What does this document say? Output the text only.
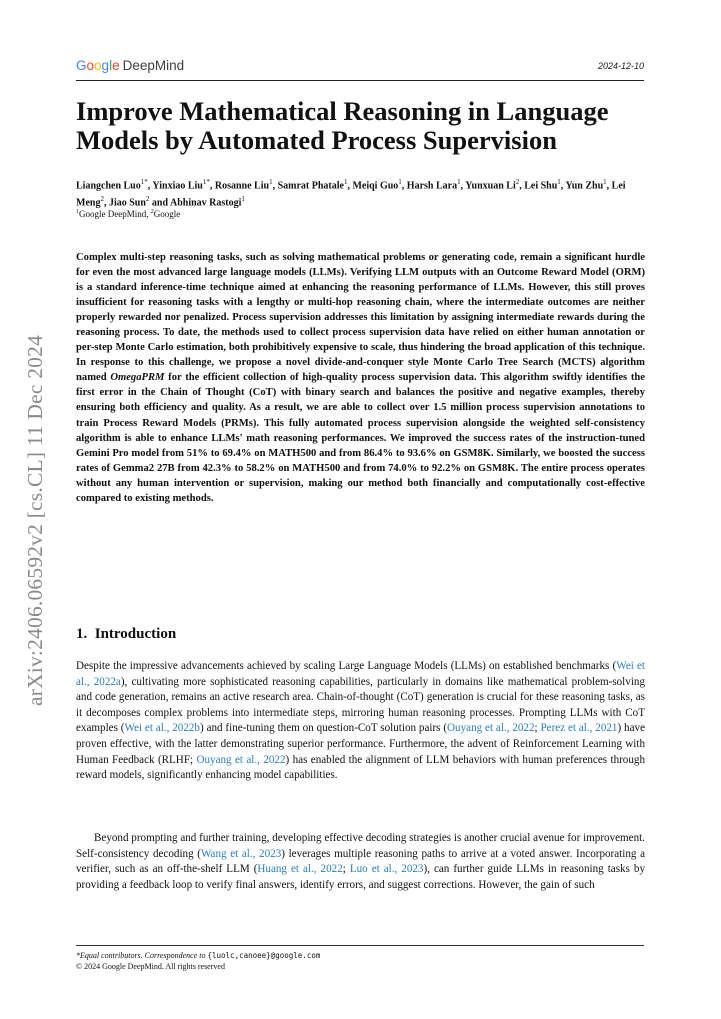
arXiv:2406.06592v2 [cs.CL] 11 Dec 2024
Google DeepMind	2024-12-10
Improve Mathematical Reasoning in Language Models by Automated Process Supervision

Liangchen Luo$^{1*}$, Yinxiao Liu$^{1*}$, Rosanne Liu$^1$, Samrat Phatale$^1$, Meiqi Guo$^1$, Harsh Lara$^1$, Yunxuan Li$^2$, Lei Shu$^1$, Yun Zhu$^1$, Lei Meng$^2$, Jiao Sun$^2$ and Abhinav Rastogi$^1$

$^1$Google DeepMind, $^2$Google

Complex multi-step reasoning tasks, such as solving mathematical problems or generating code, remain a significant hurdle for even the most advanced large language models (LLMs). Verifying LLM outputs with an Outcome Reward Model (ORM) is a standard inference-time technique aimed at enhancing the reasoning performance of LLMs. However, this still proves insufficient for reasoning tasks with a lengthy or multi-hop reasoning chain, where the intermediate outcomes are neither properly rewarded nor penalized. Process supervision addresses this limitation by assigning intermediate rewards during the reasoning process. To date, the methods used to collect process supervision data have relied on either human annotation or per-step Monte Carlo estimation, both prohibitively expensive to scale, thus hindering the broad application of this technique. In response to this challenge, we propose a novel divide-and-conquer style Monte Carlo Tree Search (MCTS) algorithm named OmegaPRM for the efficient collection of high-quality process supervision data. This algorithm swiftly identifies the first error in the Chain of Thought (CoT) with binary search and balances the positive and negative examples, thereby ensuring both efficiency and quality. As a result, we are able to collect over 1.5 million process supervision annotations to train Process Reward Models (PRMs). This fully automated process supervision alongside the weighted self-consistency algorithm is able to enhance LLMs' math reasoning performances. We improved the success rates of the instruction-tuned Gemini Pro model from 51% to 69.4% on MATH500 and from 86.4% to 93.6% on GSM8K. Similarly, we boosted the success rates of Gemma2 27B from 42.3% to 58.2% on MATH500 and from 74.0% to 92.2% on GSM8K. The entire process operates without any human intervention or supervision, making our method both financially and computationally cost-effective compared to existing methods.

1. Introduction

Despite the impressive advancements achieved by scaling Large Language Models (LLMs) on established benchmarks (Wei et al., 2022a), cultivating more sophisticated reasoning capabilities, particularly in domains like mathematical problem-solving and code generation, remains an active research area. Chain-of-thought (CoT) generation is crucial for these reasoning tasks, as it decomposes complex problems into intermediate steps, mirroring human reasoning processes. Prompting LLMs with CoT examples (Wei et al., 2022b) and fine-tuning them on question-CoT solution pairs (Ouyang et al., 2022; Perez et al., 2021) have proven effective, with the latter demonstrating superior performance. Furthermore, the advent of Reinforcement Learning with Human Feedback (RLHF; Ouyang et al., 2022) has enabled the alignment of LLM behaviors with human preferences through reward models, significantly enhancing model capabilities.

Beyond prompting and further training, developing effective decoding strategies is another crucial avenue for improvement. Self-consistency decoding (Wang et al., 2023) leverages multiple reasoning paths to arrive at a voted answer. Incorporating a verifier, such as an off-the-shelf LLM (Huang et al., 2022; Luo et al., 2023), can further guide LLMs in reasoning tasks by providing a feedback loop to verify final answers, identify errors, and suggest corrections. However, the gain of such

*Equal contributors. Correspondence to {luolc,canoee}@google.com

© 2024 Google DeepMind. All rights reserved
